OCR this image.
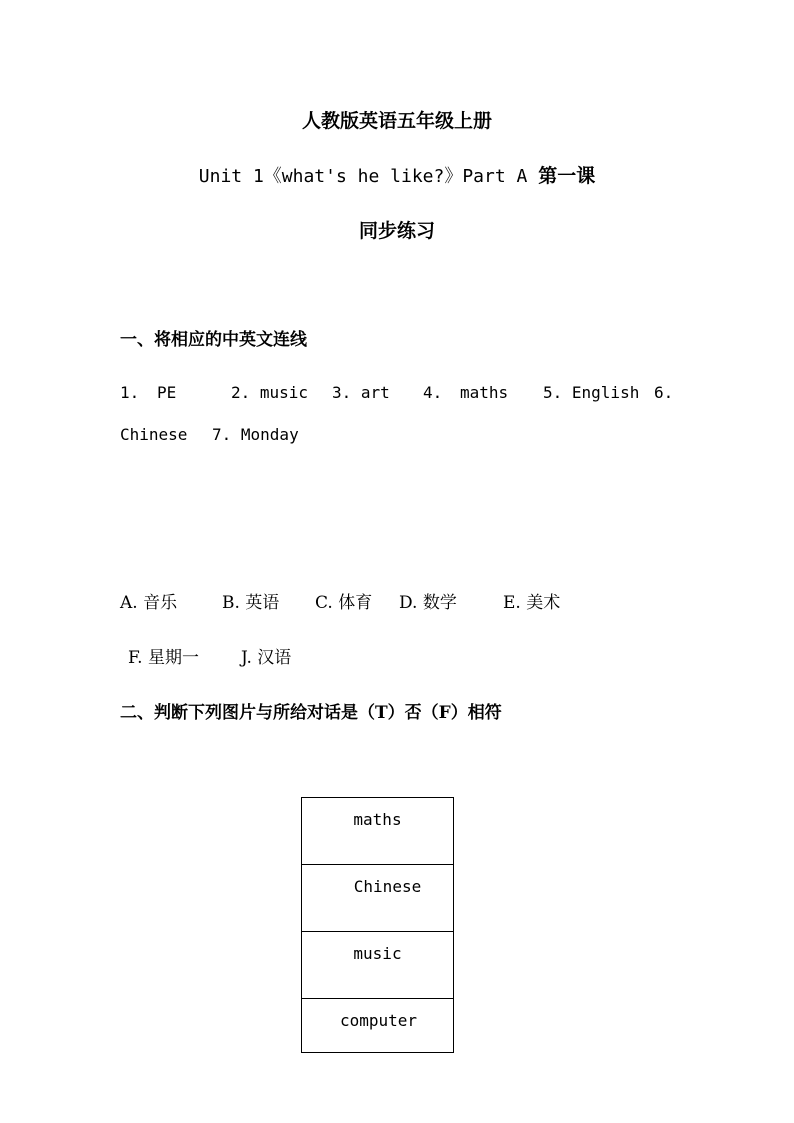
人教版英语五年级上册
Unit 1《what's he like?》Part A 第一课
同步练习
一、将相应的中英文连线
1. PE	2. music 3. art 4. maths 5. English 6.
Chinese 7. Monday
A. 音乐	B. 英语 C. 体育 D. 数学	E. 美术
F. 星期一 J. 汉语
二、判断下列图片与所给对话是（T）否（F）相符
maths
Chinese
music
computer
